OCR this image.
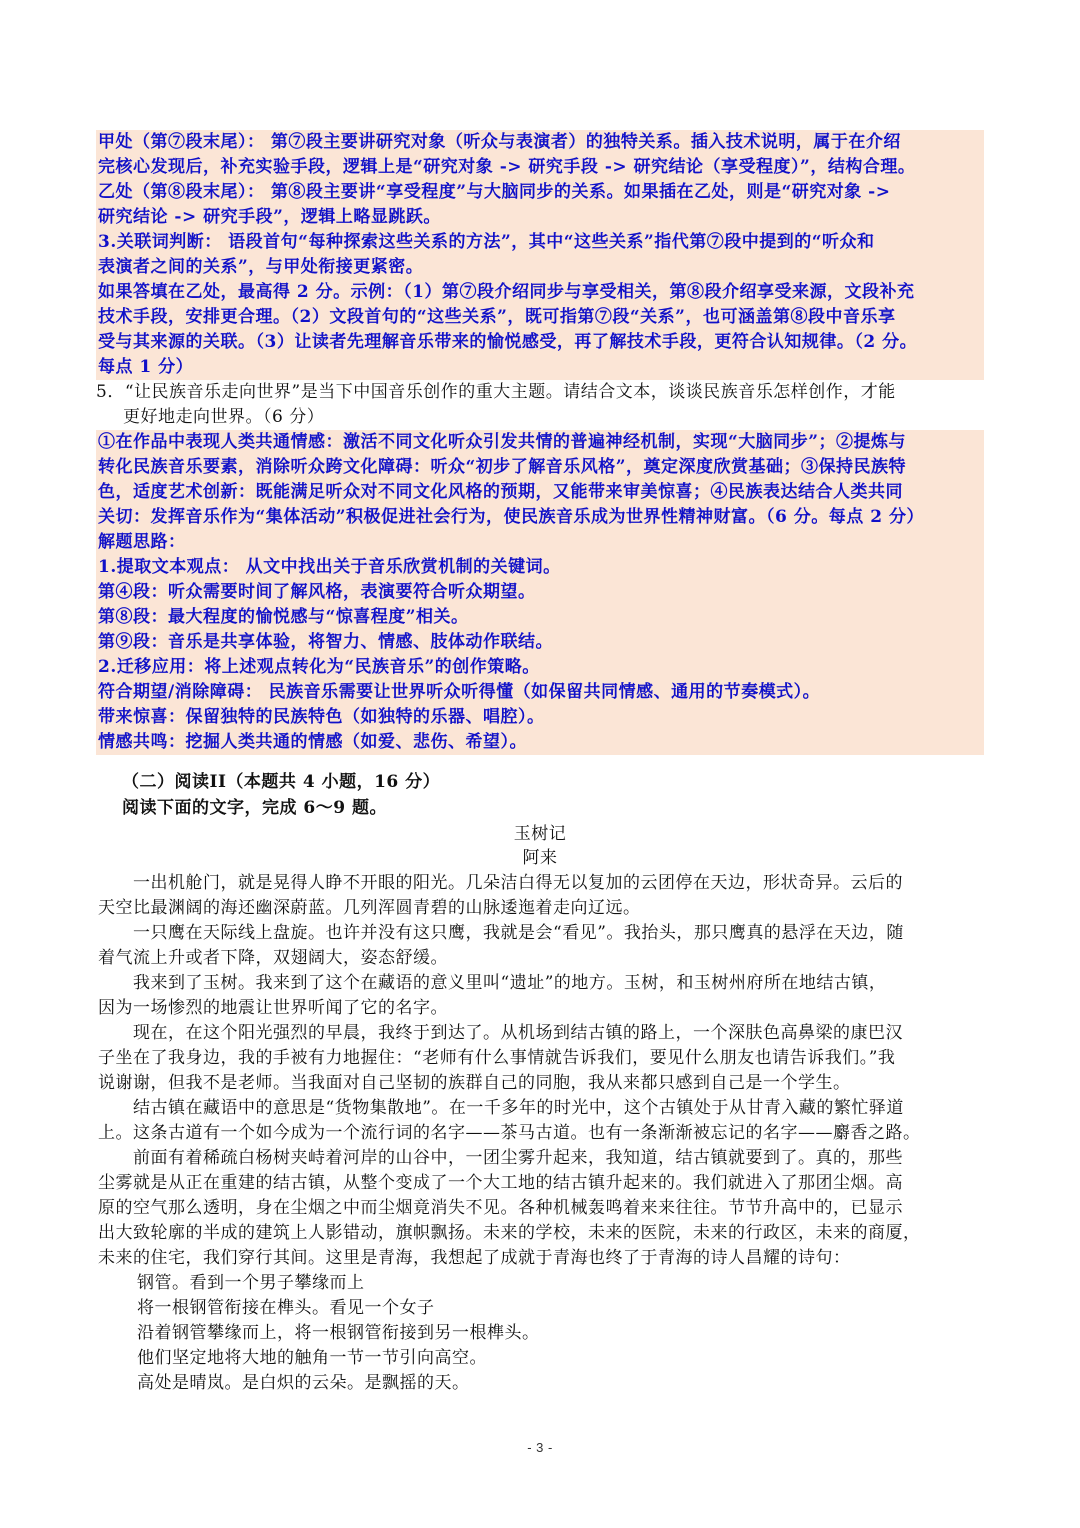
甲处（第⑦段末尾）： 第⑦段主要讲研究对象（听众与表演者）的独特关系。插入技术说明，属于在介绍
完核心发现后，补充实验手段，逻辑上是“研究对象 -> 研究手段 -> 研究结论（享受程度）”，结构合理。
乙处（第⑧段末尾）： 第⑧段主要讲“享受程度”与大脑同步的关系。如果插在乙处，则是“研究对象 ->
研究结论 -> 研究手段”，逻辑上略显跳跃。
3.关联词判断： 语段首句“每种探索这些关系的方法”，其中“这些关系”指代第⑦段中提到的“听众和
表演者之间的关系”，与甲处衔接更紧密。
如果答填在乙处，最高得 2 分。示例：（1）第⑦段介绍同步与享受相关，第⑧段介绍享受来源，文段补充
技术手段，安排更合理。（2）文段首句的“这些关系”，既可指第⑦段“关系”，也可涵盖第⑧段中音乐享
受与其来源的关联。（3）让读者先理解音乐带来的愉悦感受，再了解技术手段，更符合认知规律。（2 分。
每点 1 分）
5．“让民族音乐走向世界”是当下中国音乐创作的重大主题。请结合文本，谈谈民族音乐怎样创作，才能
更好地走向世界。（6 分）
①在作品中表现人类共通情感：激活不同文化听众引发共情的普遍神经机制，实现“大脑同步”；②提炼与
转化民族音乐要素，消除听众跨文化障碍：听众“初步了解音乐风格”，奠定深度欣赏基础；③保持民族特
色，适度艺术创新：既能满足听众对不同文化风格的预期，又能带来审美惊喜；④民族表达结合人类共同
关切：发挥音乐作为“集体活动”积极促进社会行为，使民族音乐成为世界性精神财富。（6 分。每点 2 分）
解题思路：
1.提取文本观点： 从文中找出关于音乐欣赏机制的关键词。
第④段：听众需要时间了解风格，表演要符合听众期望。
第⑧段：最大程度的愉悦感与“惊喜程度”相关。
第⑨段：音乐是共享体验，将智力、情感、肢体动作联结。
2.迁移应用：将上述观点转化为“民族音乐”的创作策略。
符合期望/消除障碍： 民族音乐需要让世界听众听得懂（如保留共同情感、通用的节奏模式）。
带来惊喜：保留独特的民族特色（如独特的乐器、唱腔）。
情感共鸣：挖掘人类共通的情感（如爱、悲伤、希望）。
（二）阅读II（本题共 4 小题，16 分）
阅读下面的文字，完成 6～9 题。
玉树记
阿来
　　一出机舱门，就是晃得人睁不开眼的阳光。几朵洁白得无以复加的云团停在天边，形状奇异。云后的
天空比最渊阔的海还幽深蔚蓝。几列浑圆青碧的山脉逶迤着走向辽远。
　　一只鹰在天际线上盘旋。也许并没有这只鹰，我就是会“看见”。我抬头，那只鹰真的悬浮在天边，随
着气流上升或者下降，双翅阔大，姿态舒缓。
　　我来到了玉树。我来到了这个在藏语的意义里叫“遗址”的地方。玉树，和玉树州府所在地结古镇，
因为一场惨烈的地震让世界听闻了它的名字。
　　现在，在这个阳光强烈的早晨，我终于到达了。从机场到结古镇的路上，一个深肤色高鼻梁的康巴汉
子坐在了我身边，我的手被有力地握住：“老师有什么事情就告诉我们，要见什么朋友也请告诉我们。”我
说谢谢，但我不是老师。当我面对自己坚韧的族群自己的同胞，我从来都只感到自己是一个学生。
　　结古镇在藏语中的意思是“货物集散地”。在一千多年的时光中，这个古镇处于从甘青入藏的繁忙驿道
上。这条古道有一个如今成为一个流行词的名字——茶马古道。也有一条渐渐被忘记的名字——麝香之路。
　　前面有着稀疏白杨树夹峙着河岸的山谷中，一团尘雾升起来，我知道，结古镇就要到了。真的，那些
尘雾就是从正在重建的结古镇，从整个变成了一个大工地的结古镇升起来的。我们就进入了那团尘烟。高
原的空气那么透明，身在尘烟之中而尘烟竟消失不见。各种机械轰鸣着来来往往。节节升高中的，已显示
出大致轮廓的半成的建筑上人影错动，旗帜飘扬。未来的学校，未来的医院，未来的行政区，未来的商厦，
未来的住宅，我们穿行其间。这里是青海，我想起了成就于青海也终了于青海的诗人昌耀的诗句：
钢管。看到一个男子攀缘而上
将一根钢管衔接在榫头。看见一个女子
沿着钢管攀缘而上，将一根钢管衔接到另一根榫头。
他们坚定地将大地的触角一节一节引向高空。
高处是晴岚。是白炽的云朵。是飘摇的天。
- 3 -
